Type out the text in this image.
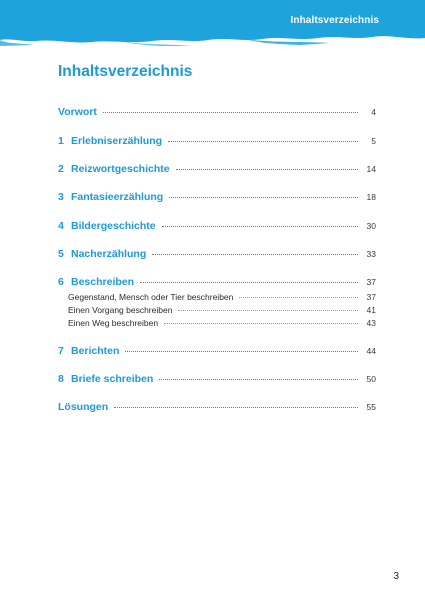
Inhaltsverzeichnis
Inhaltsverzeichnis
Vorwort	4
1 Erlebniserzählung	5
2 Reizwortgeschichte	14
3 Fantasieerzählung	18
4 Bildergeschichte	30
5 Nacherzählung	33
6 Beschreiben	37
Gegenstand, Mensch oder Tier beschreiben	37
Einen Vorgang beschreiben	41
Einen Weg beschreiben	43
7 Berichten	44
8 Briefe schreiben	50
Lösungen	55
3
